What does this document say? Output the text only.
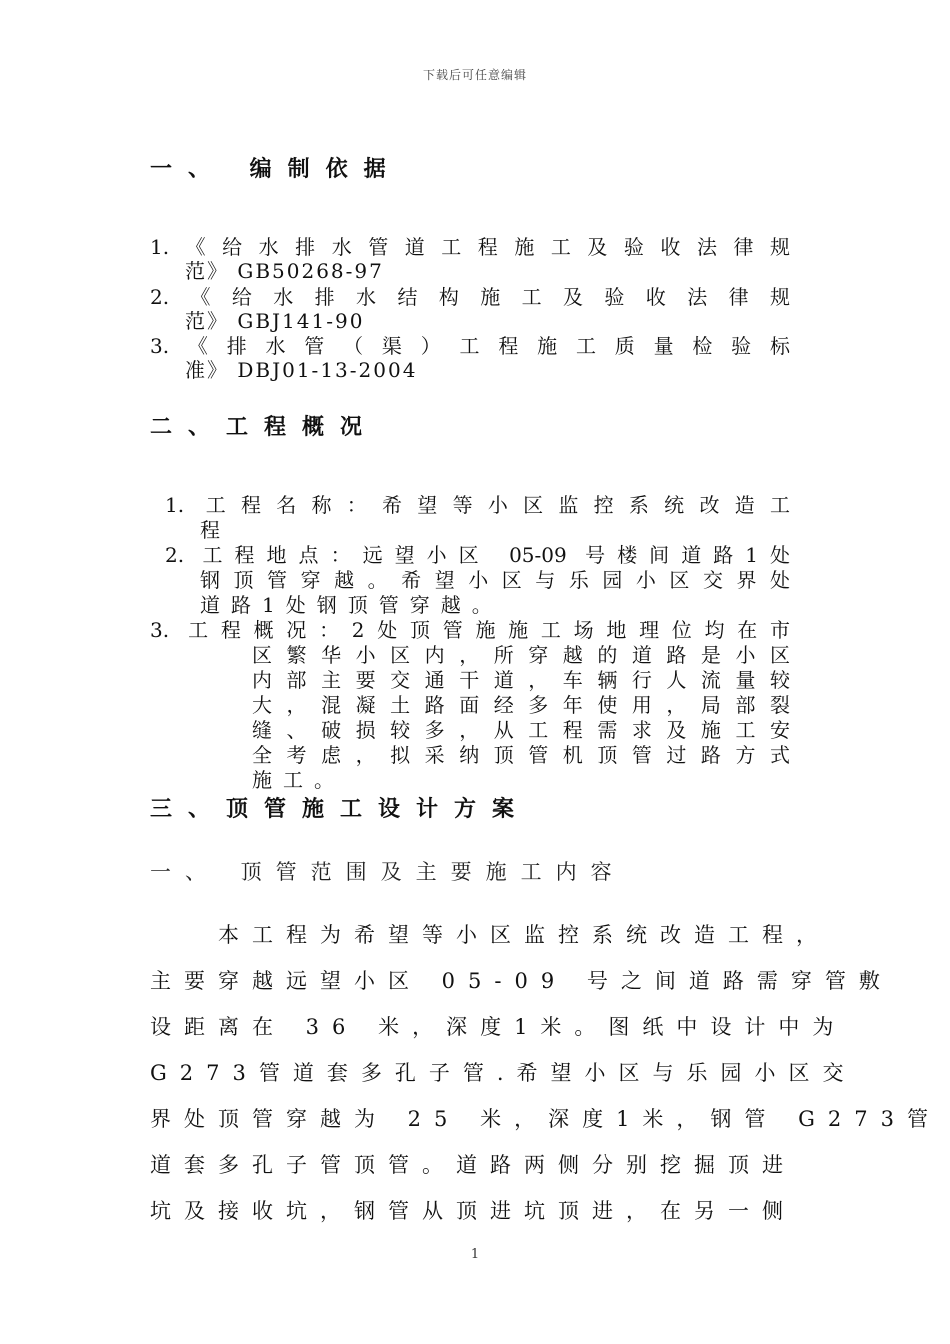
下载后可任意编辑
一、 编制依据
1.《给水排水管道工程施工及验收法律规
范》 GB50268-97
2.《给水排水结构施工及验收法律规
范》 GBJ141-90
3.《排水管（渠）工程施工质量检验标
准》 DBJ01-13-2004
二、工程概况
1. 工程名称：希望等小区监控系统改造工
程
2. 工程地点：远望小区 05-09 号楼间道路1处
钢顶管穿越。希望小区与乐园小区交界处
道路1处钢顶管穿越。
3. 工程概况：2处顶管施施工场地理位均在市
区繁华小区内，所穿越的道路是小区
内部主要交通干道，车辆行人流量较
大，混凝土路面经多年使用，局部裂
缝、破损较多，从工程需求及施工安
全考虑，拟采纳顶管机顶管过路方式
施工。
三、顶管施工设计方案
一、 顶管范围及主要施工内容
　　本工程为希望等小区监控系统改造工程，
主要穿越远望小区 05-09 号之间道路需穿管敷
设距离在 36 米，深度1米。图纸中设计中为
G273管道套多孔子管.希望小区与乐园小区交
界处顶管穿越为 25 米，深度1米，钢管 G273管
道套多孔子管顶管。道路两侧分别挖掘顶进
坑及接收坑，钢管从顶进坑顶进，在另一侧
1
